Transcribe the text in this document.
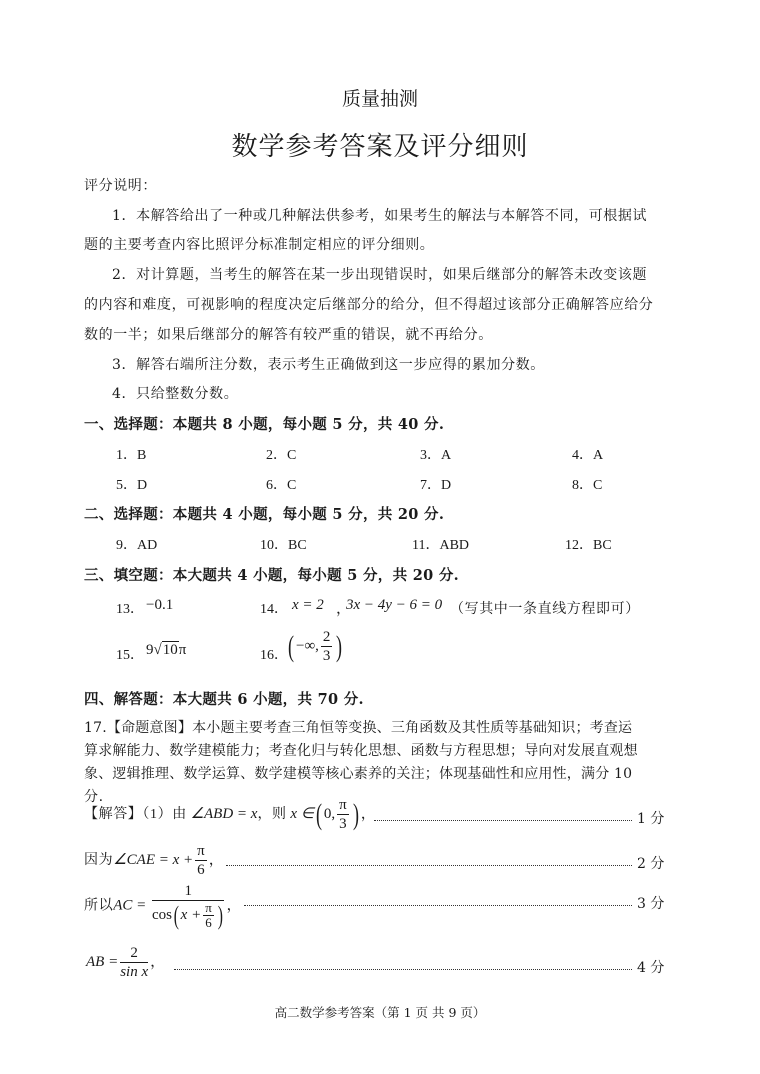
质量抽测
数学参考答案及评分细则
评分说明：
1．本解答给出了一种或几种解法供参考，如果考生的解法与本解答不同，可根据试
题的主要考查内容比照评分标准制定相应的评分细则。
2．对计算题，当考生的解答在某一步出现错误时，如果后继部分的解答未改变该题
的内容和难度，可视影响的程度决定后继部分的给分，但不得超过该部分正确解答应给分
数的一半；如果后继部分的解答有较严重的错误，就不再给分。
3．解答右端所注分数，表示考生正确做到这一步应得的累加分数。
4．只给整数分数。
一、选择题：本题共 8 小题，每小题 5 分，共 40 分.
1．B	2．C	3．A	4．A
5．D	6．C	7．D	8．C
二、选择题：本题共 4 小题，每小题 5 分，共 20 分.
9．AD	10．BC	11．ABD	12．BC
三、填空题：本大题共 4 小题，每小题 5 分，共 20 分.
13． −0.1	14． x = 2 ，
3x − 4y − 6 = 0 （写其中一条直线方程即可）
15． 9√10π	16． ( −∞, $\frac{2}{3}$ )
四、解答题：本大题共 6 小题，共 70 分.
17.【命题意图】本小题主要考查三角恒等变换、三角函数及其性质等基础知识；考查运
算求解能力、数学建模能力；考查化归与转化思想、函数与方程思想；导向对发展直观想
象、逻辑推理、数学运算、数学建模等核心素养的关注；体现基础性和应用性，满分 10
分.
【解答】（1）由 ∠ABD = x，则 x ∈( 0, $\frac{\pi}{3}$ ) ，	1 分
因为∠CAE = $x + \frac{\pi}{6}$ ，	2 分
所以AC = $\frac{1}{\cos( x + \frac{\pi}{6} )}$ ，	3 分
AB = $\frac{2}{\text{sin x}}$ ，	4 分
高二数学参考答案（第 1 页 共 9 页）
